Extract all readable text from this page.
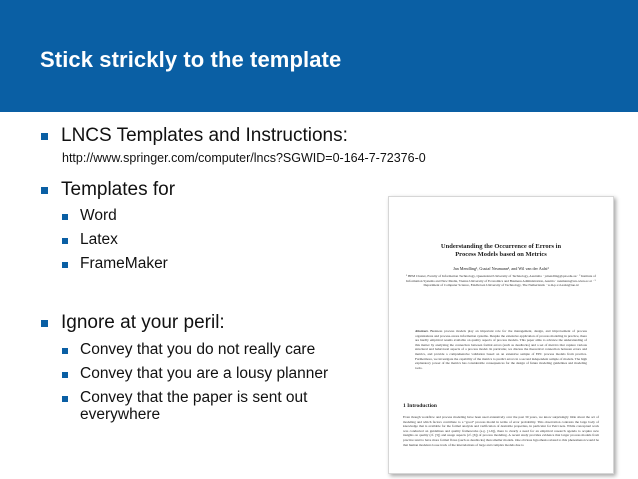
Stick strickly to the template
LNCS Templates and Instructions:
http://www.springer.com/computer/lncs?SGWID=0-164-7-72376-0
Templates for
Word
Latex
FrameMaker
Ignore at your peril:
Convey that you do not really care
Convey that you are a lousy planner
Convey that the paper is sent out
everywhere
Understanding the Occurrence of Errors in
Process Models based on Metrics
Jan Mendling¹, Gustaf Neumann², and Wil van der Aalst³
¹ BPM Cluster, Faculty of Information Technology, Queensland University of Technology, Australia · j.mendling@qut.edu.au · ² Institute of Information Systems and New Media, Vienna University of Economics and Business Administration, Austria · neumann@wu-wien.ac.at · ³ Department of Computer Science, Eindhoven University of Technology, The Netherlands · w.m.p.v.d.aalst@tue.nl
Abstract. Business process models play an important role for the management, design, and improvement of process organizations and process-aware information systems. Despite the extensive application of process modeling in practice, there are hardly empirical results available on quality aspects of process models. This paper aims to advance the understanding of this matter by analyzing the connection between formal errors (such as deadlocks) and a set of metrics that capture various structural and behavioral aspects of a process model. In particular, we discuss the theoretical connection between errors and metrics, and provide a comprehensive validation based on an extensive sample of EPC process models from practice. Furthermore, we investigate the capability of the metrics to predict errors in a second independent sample of models. The high explanatory power of the metrics has considerable consequences for the design of future modeling guidelines and modeling tools.
1 Introduction
Even though workflow and process modeling have been used extensively over the past 30 years, we know surprisingly little about the act of modeling and which factors contribute to a "good" process model in terms of error probability. This observation contrasts the large body of knowledge that is available for the formal analysis and verification of desirable properties, in particular for Petri nets. While conceptual work was conducted on guidelines and quality frameworks (e.g. [1-6]), there is clearly a need for an empirical research agenda to acquire new insights on quality (cf. [5]) and usage aspects (cf. [6]) of process modeling. A recent study provides evidence that larger process models from practice tend to have more formal flaws (such as deadlocks) than smaller models. One obvious hypothesis related to this phenomenon would be that human modelers loose track of the interrelations of large and complex models due to
